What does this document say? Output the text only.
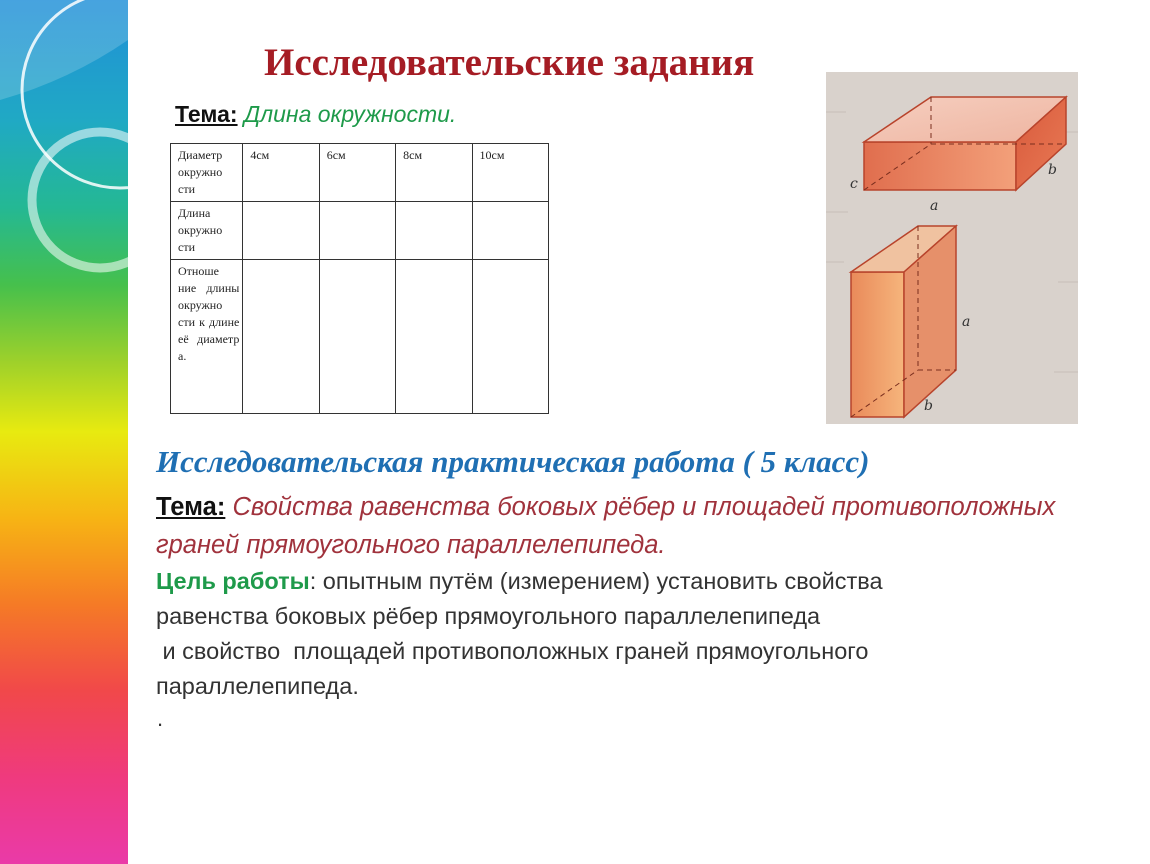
Исследовательские задания
Тема: Длина окружности.
Диаметр окружно сти	4см	6см	8см	10см
Длина окружно сти				
Отноше ние длины окружно сти к длине её диаметр а.				
c
a
b
a
b
Исследовательская практическая работа ( 5 класс)

Тема: Свойства равенства боковых рёбер и площадей противоположных граней прямоугольного параллелепипеда.

Цель работы: опытным путём (измерением) установить свойства
равенства боковых рёбер прямоугольного параллелепипеда
и свойство  площадей противоположных граней прямоугольного
параллелепипеда.

.
